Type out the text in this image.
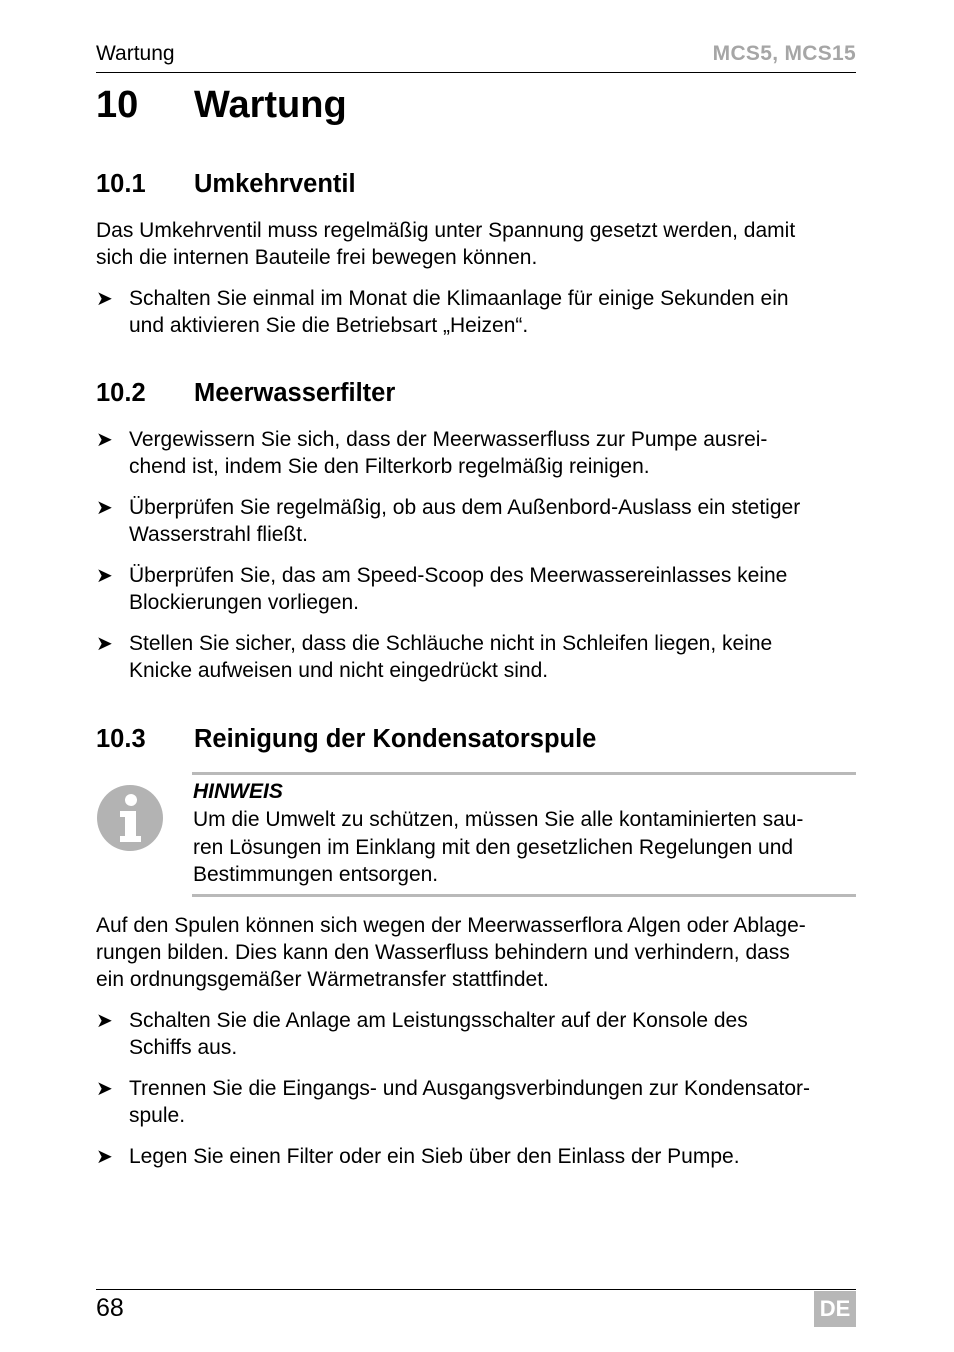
Wartung	MCS5, MCS15
10 Wartung
10.1 Umkehrventil
Das Umkehrventil muss regelmäßig unter Spannung gesetzt werden, damit
sich die internen Bauteile frei bewegen können.
➤ Schalten Sie einmal im Monat die Klimaanlage für einige Sekunden ein
und aktivieren Sie die Betriebsart „Heizen“.
10.2 Meerwasserfilter
➤ Vergewissern Sie sich, dass der Meerwasserfluss zur Pumpe ausrei-
chend ist, indem Sie den Filterkorb regelmäßig reinigen.
➤ Überprüfen Sie regelmäßig, ob aus dem Außenbord-Auslass ein stetiger
Wasserstrahl fließt.
➤ Überprüfen Sie, das am Speed-Scoop des Meerwassereinlasses keine
Blockierungen vorliegen.
➤ Stellen Sie sicher, dass die Schläuche nicht in Schleifen liegen, keine
Knicke aufweisen und nicht eingedrückt sind.
10.3 Reinigung der Kondensatorspule
HINWEIS
Um die Umwelt zu schützen, müssen Sie alle kontaminierten sau-
ren Lösungen im Einklang mit den gesetzlichen Regelungen und
Bestimmungen entsorgen.
Auf den Spulen können sich wegen der Meerwasserflora Algen oder Ablage-
rungen bilden. Dies kann den Wasserfluss behindern und verhindern, dass
ein ordnungsgemäßer Wärmetransfer stattfindet.
➤ Schalten Sie die Anlage am Leistungsschalter auf der Konsole des
Schiffs aus.
➤ Trennen Sie die Eingangs- und Ausgangsverbindungen zur Kondensator-
spule.
➤ Legen Sie einen Filter oder ein Sieb über den Einlass der Pumpe.
68	DE
